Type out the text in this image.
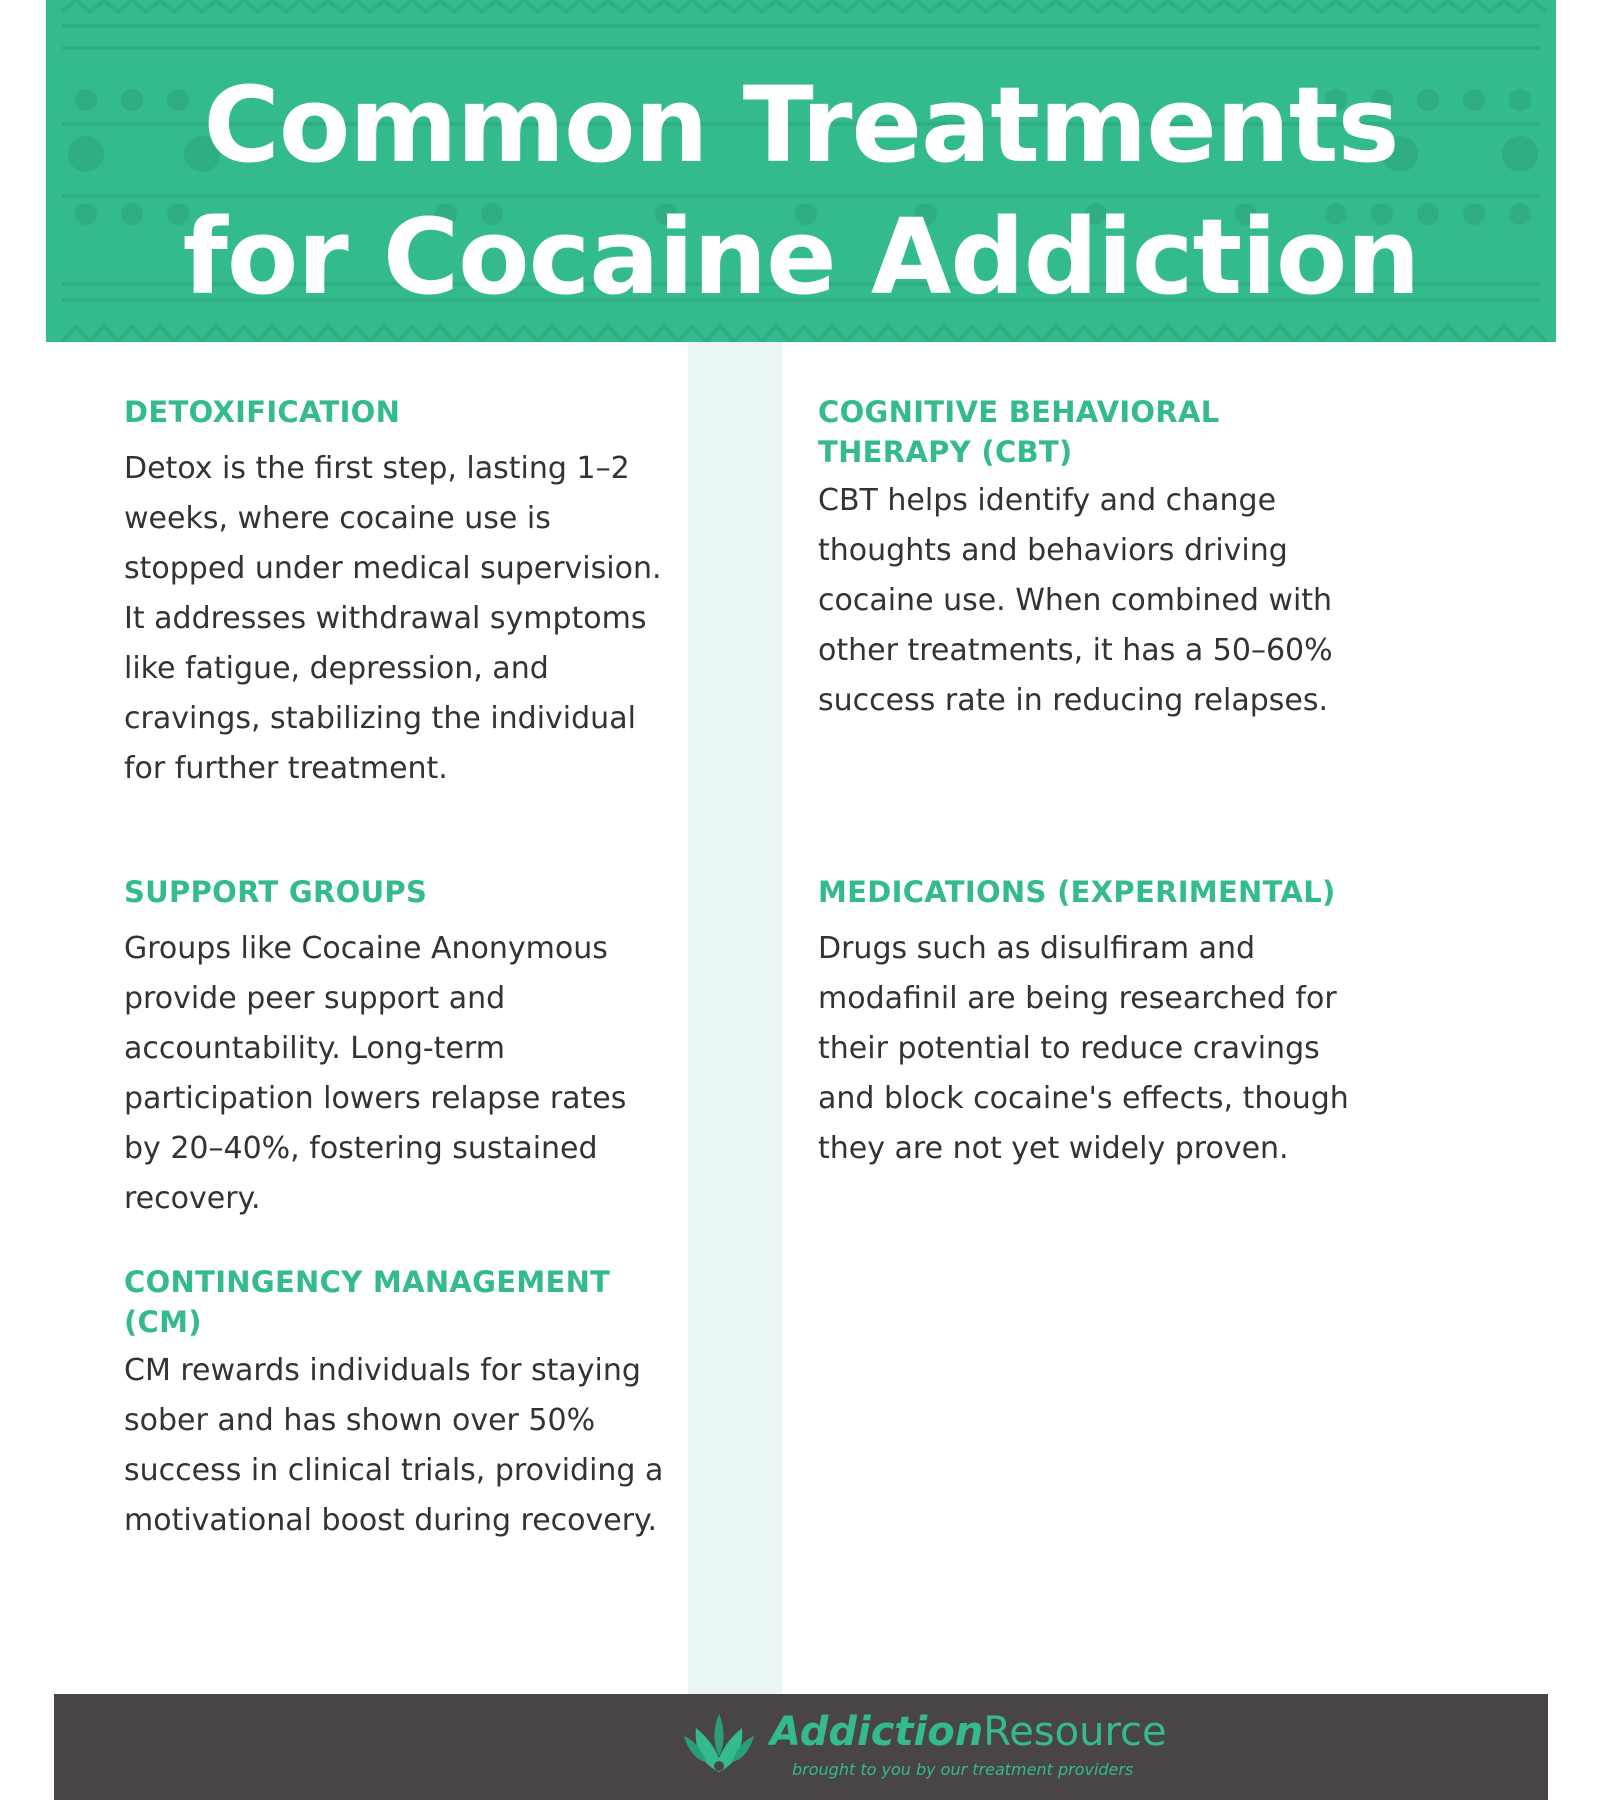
Common Treatments
for Cocaine Addiction
DETOXIFICATION

Detox is the first step, lasting 1–2 weeks, where cocaine use is stopped under medical supervision. It addresses withdrawal symptoms like fatigue, depression, and cravings, stabilizing the individual for further treatment.

COGNITIVE BEHAVIORAL THERAPY (CBT)

CBT helps identify and change thoughts and behaviors driving cocaine use. When combined with other treatments, it has a 50–60% success rate in reducing relapses.

SUPPORT GROUPS

Groups like Cocaine Anonymous provide peer support and accountability. Long-term participation lowers relapse rates by 20–40%, fostering sustained recovery.

MEDICATIONS (EXPERIMENTAL)

Drugs such as disulfiram and modafinil are being researched for their potential to reduce cravings and block cocaine's effects, though they are not yet widely proven.

CONTINGENCY MANAGEMENT (CM)

CM rewards individuals for staying sober and has shown over 50% success in clinical trials, providing a motivational boost during recovery.

AddictionResource
brought to you by our treatment providers
